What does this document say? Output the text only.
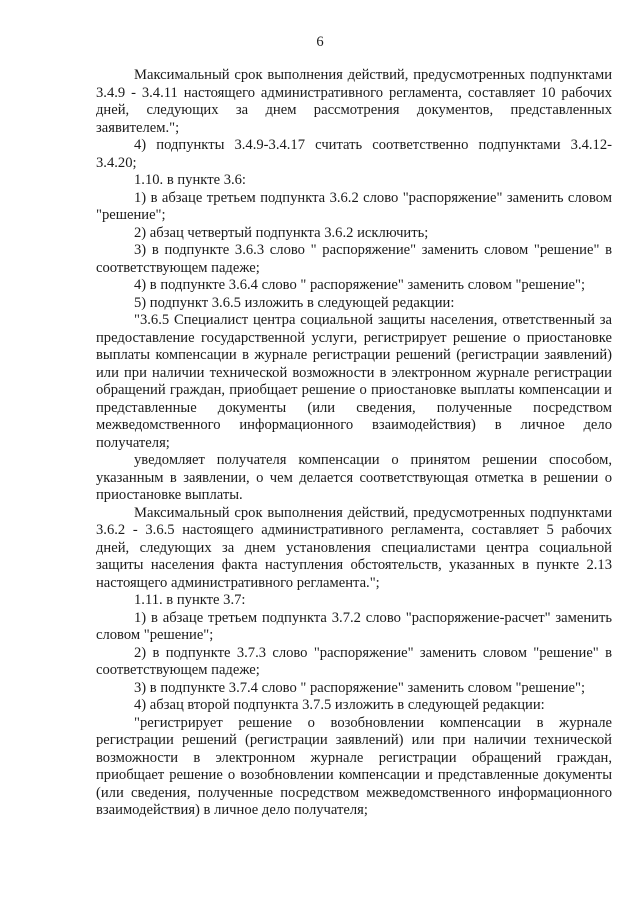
6

Максимальный срок выполнения действий, предусмотренных подпунктами 3.4.9 - 3.4.11 настоящего административного регламента, составляет 10 рабочих дней, следующих за днем рассмотрения документов, представленных заявителем.";

4) подпункты 3.4.9-3.4.17 считать соответственно подпунктами 3.4.12-3.4.20;

1.10. в пункте 3.6:

1) в абзаце третьем подпункта 3.6.2 слово "распоряжение" заменить словом "решение";

2) абзац четвертый подпункта 3.6.2 исключить;

3) в подпункте 3.6.3 слово " распоряжение" заменить словом "решение" в соответствующем падеже;

4) в подпункте 3.6.4 слово " распоряжение" заменить словом "решение";

5) подпункт 3.6.5 изложить в следующей редакции:

"3.6.5 Специалист центра социальной защиты населения, ответственный за предоставление государственной услуги, регистрирует решение о приостановке выплаты компенсации в журнале регистрации решений (регистрации заявлений) или при наличии технической возможности в электронном журнале регистрации обращений граждан, приобщает решение о приостановке выплаты компенсации и представленные документы (или сведения, полученные посредством межведомственного информационного взаимодействия) в личное дело получателя;

уведомляет получателя компенсации о принятом решении способом, указанным в заявлении, о чем делается соответствующая отметка в решении о приостановке выплаты.

Максимальный срок выполнения действий, предусмотренных подпунктами 3.6.2 - 3.6.5 настоящего административного регламента, составляет 5 рабочих дней, следующих за днем установления специалистами центра социальной защиты населения факта наступления обстоятельств, указанных в пункте 2.13 настоящего административного регламента.";

1.11. в пункте 3.7:

1) в абзаце третьем подпункта 3.7.2 слово "распоряжение-расчет" заменить словом "решение";

2) в подпункте 3.7.3 слово "распоряжение" заменить словом "решение" в соответствующем падеже;

3) в подпункте 3.7.4 слово " распоряжение" заменить словом "решение";

4) абзац второй подпункта 3.7.5 изложить в следующей редакции:

"регистрирует решение о возобновлении компенсации в журнале регистрации решений (регистрации заявлений) или при наличии технической возможности в электронном журнале регистрации обращений граждан, приобщает решение о возобновлении компенсации и представленные документы (или сведения, полученные посредством межведомственного информационного взаимодействия) в личное дело получателя;
